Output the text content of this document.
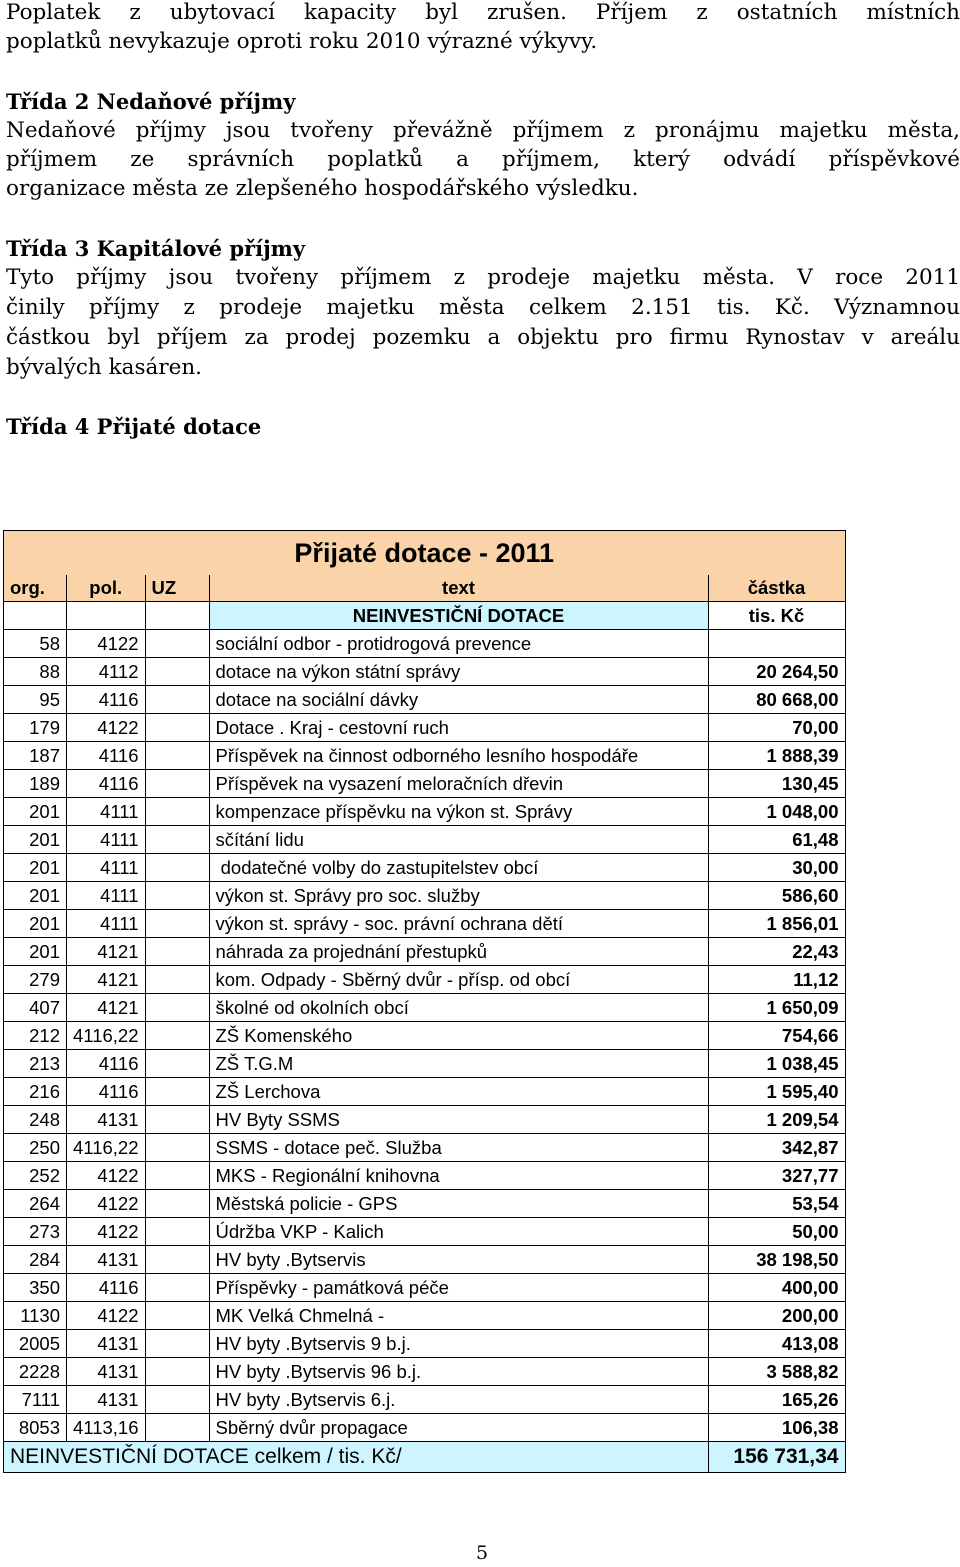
Poplatek z ubytovací kapacity byl zrušen. Příjem z ostatních místních
poplatků nevykazuje oproti roku 2010 výrazné výkyvy.
Třída 2 Nedaňové příjmy
Nedaňové příjmy jsou tvořeny převážně příjmem z pronájmu majetku města,
příjmem ze správních poplatků a příjmem, který odvádí příspěvkové
organizace města ze zlepšeného hospodářského výsledku.
Třída 3 Kapitálové příjmy
Tyto příjmy jsou tvořeny příjmem z prodeje majetku města. V roce 2011
činily příjmy z prodeje majetku města celkem 2.151 tis. Kč. Významnou
částkou byl příjem za prodej pozemku a objektu pro firmu Rynostav v areálu
bývalých kasáren.
Třída 4 Přijaté dotace
Přijaté dotace - 2011				
org.	pol.	UZ	text	částka
			NEINVESTIČNÍ DOTACE	tis. Kč
58	4122		sociální odbor - protidrogová prevence	
88	4112		dotace na výkon státní správy	20 264,50
95	4116		dotace na sociální dávky	80 668,00
179	4122		Dotace . Kraj - cestovní ruch	70,00
187	4116		Příspěvek na činnost odborného lesního hospodáře	1 888,39
189	4116		Příspěvek na vysazení meloračních dřevin	130,45
201	4111		kompenzace příspěvku na výkon st. Správy	1 048,00
201	4111		sčítání lidu	61,48
201	4111		dodatečné volby do zastupitelstev obcí	30,00
201	4111		výkon st. Správy pro soc. služby	586,60
201	4111		výkon st. správy - soc. právní ochrana dětí	1 856,01
201	4121		náhrada za projednání přestupků	22,43
279	4121		kom. Odpady - Sběrný dvůr - přísp. od obcí	11,12
407	4121		školné od okolních obcí	1 650,09
212	4116,22		ZŠ Komenského	754,66
213	4116		ZŠ T.G.M	1 038,45
216	4116		ZŠ Lerchova	1 595,40
248	4131		HV Byty SSMS	1 209,54
250	4116,22		SSMS - dotace peč. Služba	342,87
252	4122		MKS - Regionální knihovna	327,77
264	4122		Městská policie - GPS	53,54
273	4122		Údržba VKP - Kalich	50,00
284	4131		HV byty .Bytservis	38 198,50
350	4116		Příspěvky - památková péče	400,00
1130	4122		MK Velká Chmelná -	200,00
2005	4131		HV byty .Bytservis 9 b.j.	413,08
2228	4131		HV byty .Bytservis 96 b.j.	3 588,82
7111	4131		HV byty .Bytservis 6.j.	165,26
8053	4113,16		Sběrný dvůr propagace	106,38
NEINVESTIČNÍ DOTACE celkem / tis. Kč/				156 731,34
5
